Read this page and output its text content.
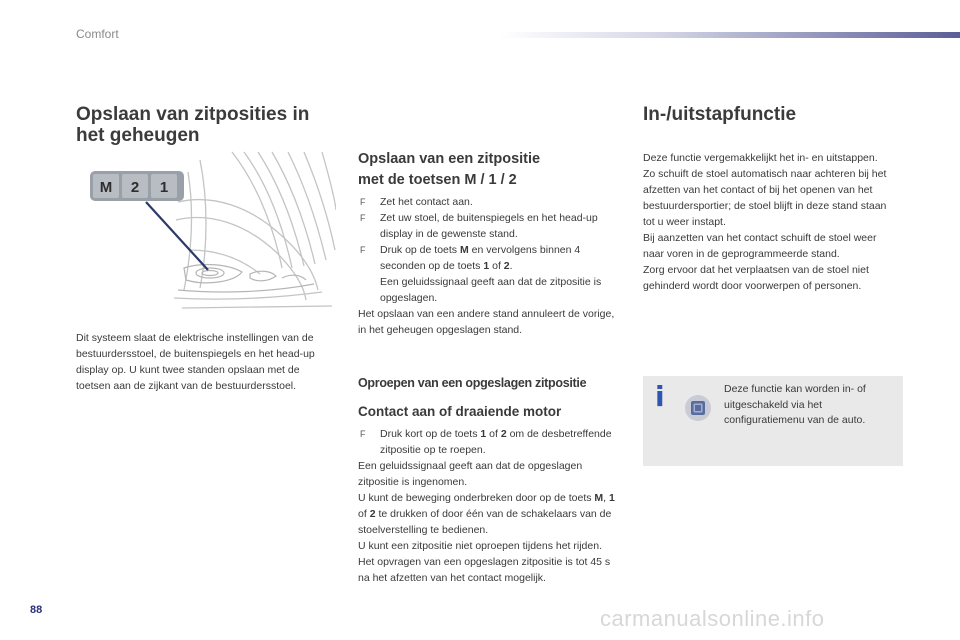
Comfort
Opslaan van zitposities in
het geheugen
M 2 1

Dit systeem slaat de elektrische instellingen van de bestuurdersstoel, de buitenspiegels en het head-up display op. U kunt twee standen opslaan met de toetsen aan de zijkant van de bestuurdersstoel.

Opslaan van een zitpositie
met de toetsen M / 1 / 2
F	Zet het contact aan.
F	Zet uw stoel, de buitenspiegels en het head-up display in de gewenste stand.
F	Druk op de toets M en vervolgens binnen 4 seconden op de toets 1 of 2.
Een geluidssignaal geeft aan dat de zitpositie is opgeslagen.
Het opslaan van een andere stand annuleert de vorige, in het geheugen opgeslagen stand.
Oproepen van een opgeslagen zitpositie
Contact aan of draaiende motor
F	Druk kort op de toets 1 of 2 om de desbetreffende zitpositie op te roepen.
Een geluidssignaal geeft aan dat de opgeslagen zitpositie is ingenomen.
U kunt de beweging onderbreken door op de toets M, 1 of 2 te drukken of door één van de schakelaars van de stoelverstelling te bedienen.
U kunt een zitpositie niet oproepen tijdens het rijden.
Het opvragen van een opgeslagen zitpositie is tot 45 s na het afzetten van het contact mogelijk.
In-/uitstapfunctie
Deze functie vergemakkelijkt het in- en uitstappen.
Zo schuift de stoel automatisch naar achteren bij het afzetten van het contact of bij het openen van het bestuurdersportier; de stoel blijft in deze stand staan tot u weer instapt.
Bij aanzetten van het contact schuift de stoel weer naar voren in de geprogrammeerde stand.
Zorg ervoor dat het verplaatsen van de stoel niet gehinderd wordt door voorwerpen of personen.
i	Deze functie kan worden in- of uitgeschakeld via het configuratiemenu van de auto.
88	carmanualsonline.info
